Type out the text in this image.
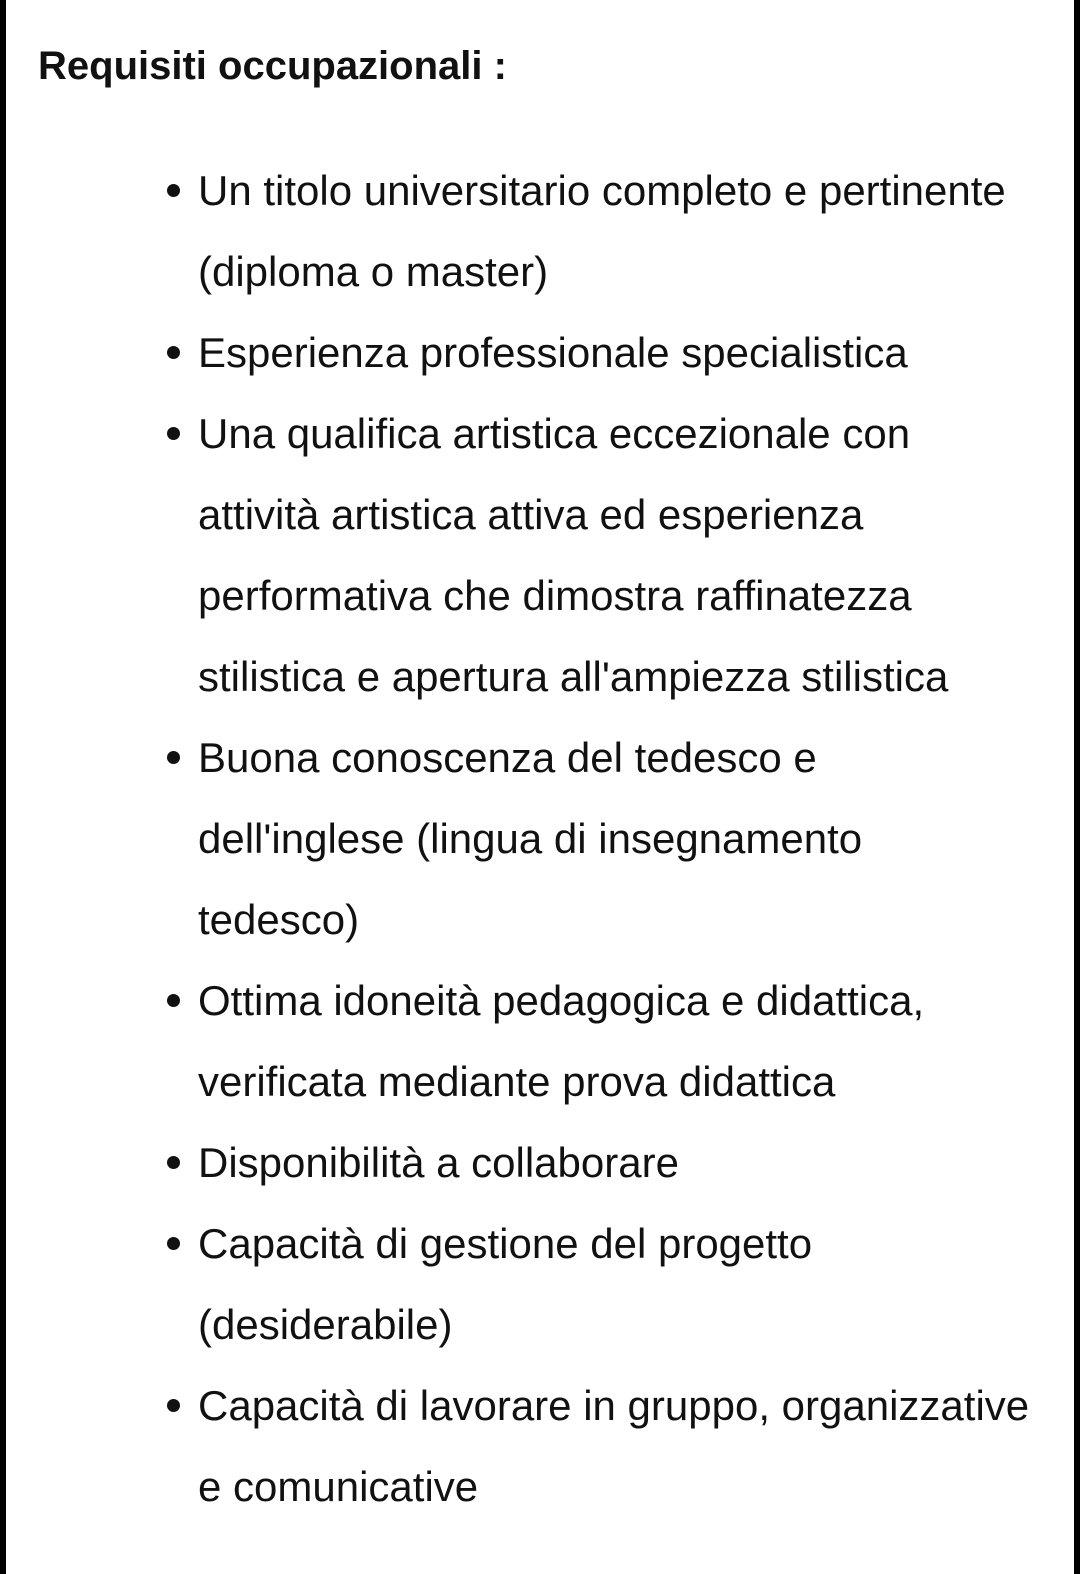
Requisiti occupazionali :
Un titolo universitario completo e pertinente (diploma o master)
Esperienza professionale specialistica
Una qualifica artistica eccezionale con attività artistica attiva ed esperienza performativa che dimostra raffinatezza stilistica e apertura all'ampiezza stilistica
Buona conoscenza del tedesco e dell'inglese (lingua di insegnamento tedesco)
Ottima idoneità pedagogica e didattica, verificata mediante prova didattica
Disponibilità a collaborare
Capacità di gestione del progetto (desiderabile)
Capacità di lavorare in gruppo, organizzative e comunicative
